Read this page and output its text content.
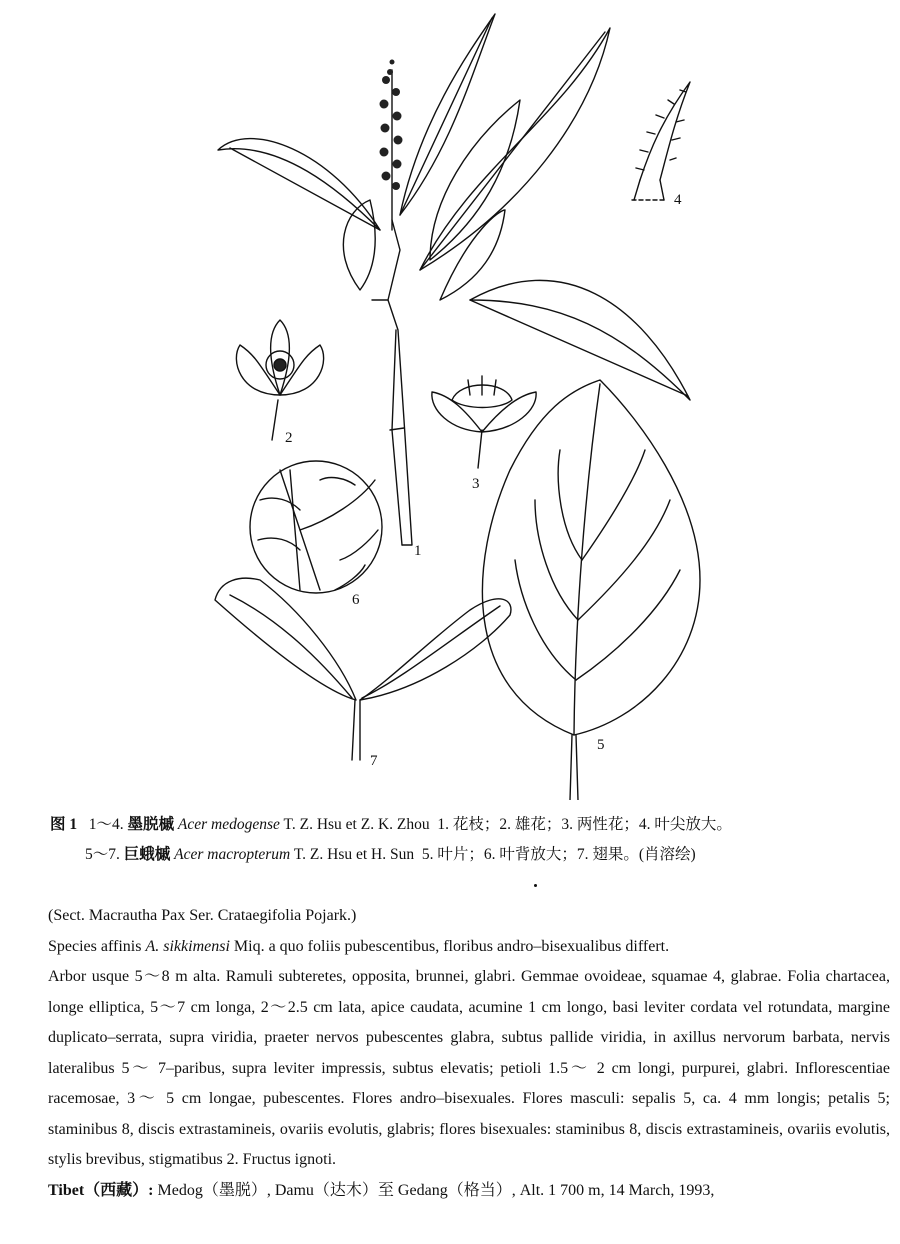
1
2
3
4
5
6
7
图 1 1～4. 墨脱槭 Acer medogense T. Z. Hsu et Z. K. Zhou 1. 花枝；2. 雄花；3. 两性花；4. 叶尖放大。
5～7. 巨蛾槭 Acer macropterum T. Z. Hsu et H. Sun 5. 叶片；6. 叶背放大；7. 翅果。(肖溶绘)

(Sect. Macrautha Pax Ser. Crataegifolia Pojark.)

Species affinis A. sikkimensi Miq. a quo foliis pubescentibus, floribus andro–bisexualibus differt.

Arbor usque 5～8 m alta. Ramuli subteretes, opposita, brunnei, glabri. Gemmae ovoideae, squamae 4, glabrae. Folia chartacea, longe elliptica, 5～7 cm longa, 2～2.5 cm lata, apice caudata, acumine 1 cm longo, basi leviter cordata vel rotundata, margine duplicato–serrata, supra viridia, praeter nervos pubescentes glabra, subtus pallide viridia, in axillus nervorum barbata, nervis lateralibus 5～ 7–paribus, supra leviter impressis, subtus elevatis; petioli 1.5～ 2 cm longi, purpurei, glabri. Inflorescentiae racemosae, 3～ 5 cm longae, pubescentes. Flores andro–bisexuales. Flores masculi: sepalis 5, ca. 4 mm longis; petalis 5; staminibus 8, discis extrastamineis, ovariis evolutis, glabris; flores bisexuales: staminibus 8, discis extrastamineis, ovariis evolutis, stylis brevibus, stigmatibus 2. Fructus ignoti.

Tibet（西藏）: Medog（墨脱）, Damu（达木）至 Gedang（格当）, Alt. 1 700 m, 14 March, 1993,
